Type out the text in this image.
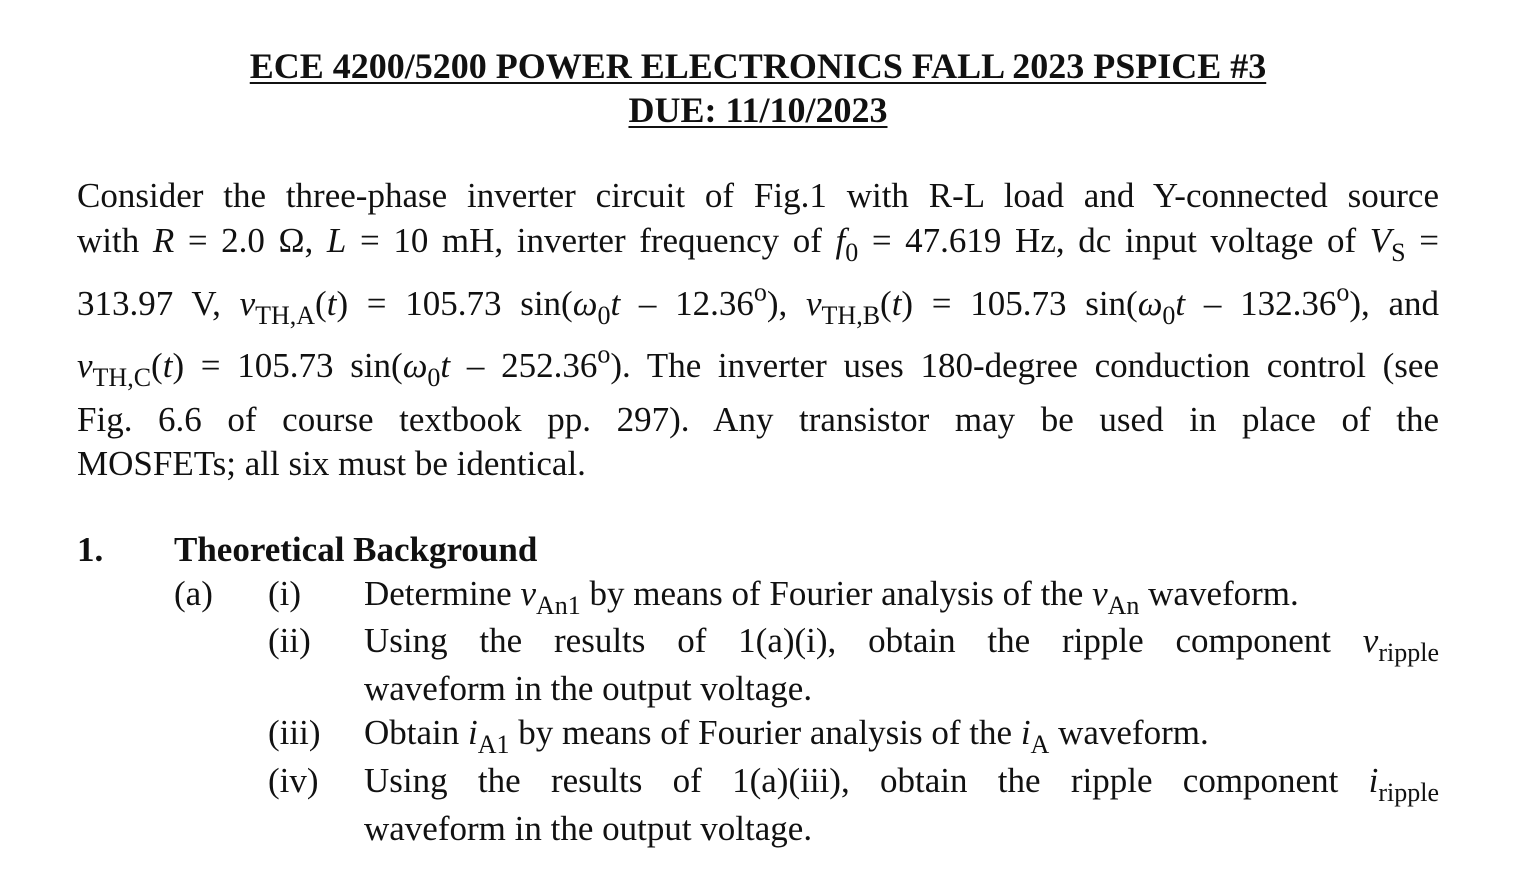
ECE 4200/5200 POWER ELECTRONICS FALL 2023 PSPICE #3
DUE: 11/10/2023
Consider the three-phase inverter circuit of Fig.1 with R-L load and Y-connected source
with R = 2.0 Ω, L = 10 mH, inverter frequency of $f_0 = 47.619$ Hz, dc input voltage of $V_S$ =
313.97 V, $v_{TH,A}(t) = 105.73$ $\sin(\omega_0t - 12.36^o)$, $v_{TH,B}(t) = 105.73$ $\sin(\omega_0t - 132.36^o)$, and
$v_{TH,C}(t) = 105.73$ $\sin(\omega_0t - 252.36^o)$. The inverter uses 180-degree conduction control (see
Fig. 6.6 of course textbook pp. 297). Any transistor may be used in place of the
MOSFETs; all six must be identical.
1. Theoretical Background
(a) (i) Determine $v_{An1}$ by means of Fourier analysis of the $v_{An}$ waveform.
(ii) Using the results of 1(a)(i), obtain the ripple component $v_{ripple}$
waveform in the output voltage.
(iii) Obtain $i_{A1}$ by means of Fourier analysis of the $i_A$ waveform.
(iv) Using the results of 1(a)(iii), obtain the ripple component $i_{ripple}$
waveform in the output voltage.
